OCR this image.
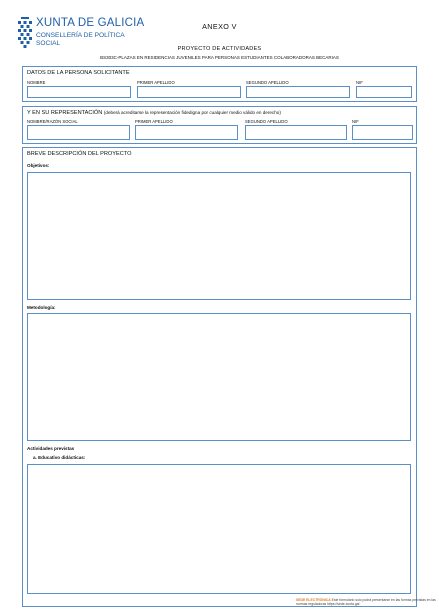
XUNTA DE GALICIA
CONSELLERÍA DE POLÍTICA
SOCIAL
ANEXO V
PROYECTO DE ACTIVIDADES
BS303C-PLAZAS EN RESIDENCIAS JUVENILES PARA PERSONAS ESTUDIANTES COLABORADORAS BECARIAS
DATOS DE LA PERSONA SOLICITANTE
NOMBRE	PRIMER APELLIDO	SEGUNDO APELLIDO	NIF
Y EN SU REPRESENTACIÓN (deberá acreditarse la representación fidedigna por cualquier medio válido en derecho)
NOMBRE/RAZÓN SOCIAL	PRIMER APELLIDO	SEGUNDO APELLIDO	NIF
BREVE DESCRIPCIÓN DEL PROYECTO
Objetivos:
Metodología:
Actividades previstas
a. Educativo didácticas:
SEDE ELECTRÓNICA Este formulario solo podrá presentarse en las formas previstas en las normas reguladoras https://sede.xunta.gal
